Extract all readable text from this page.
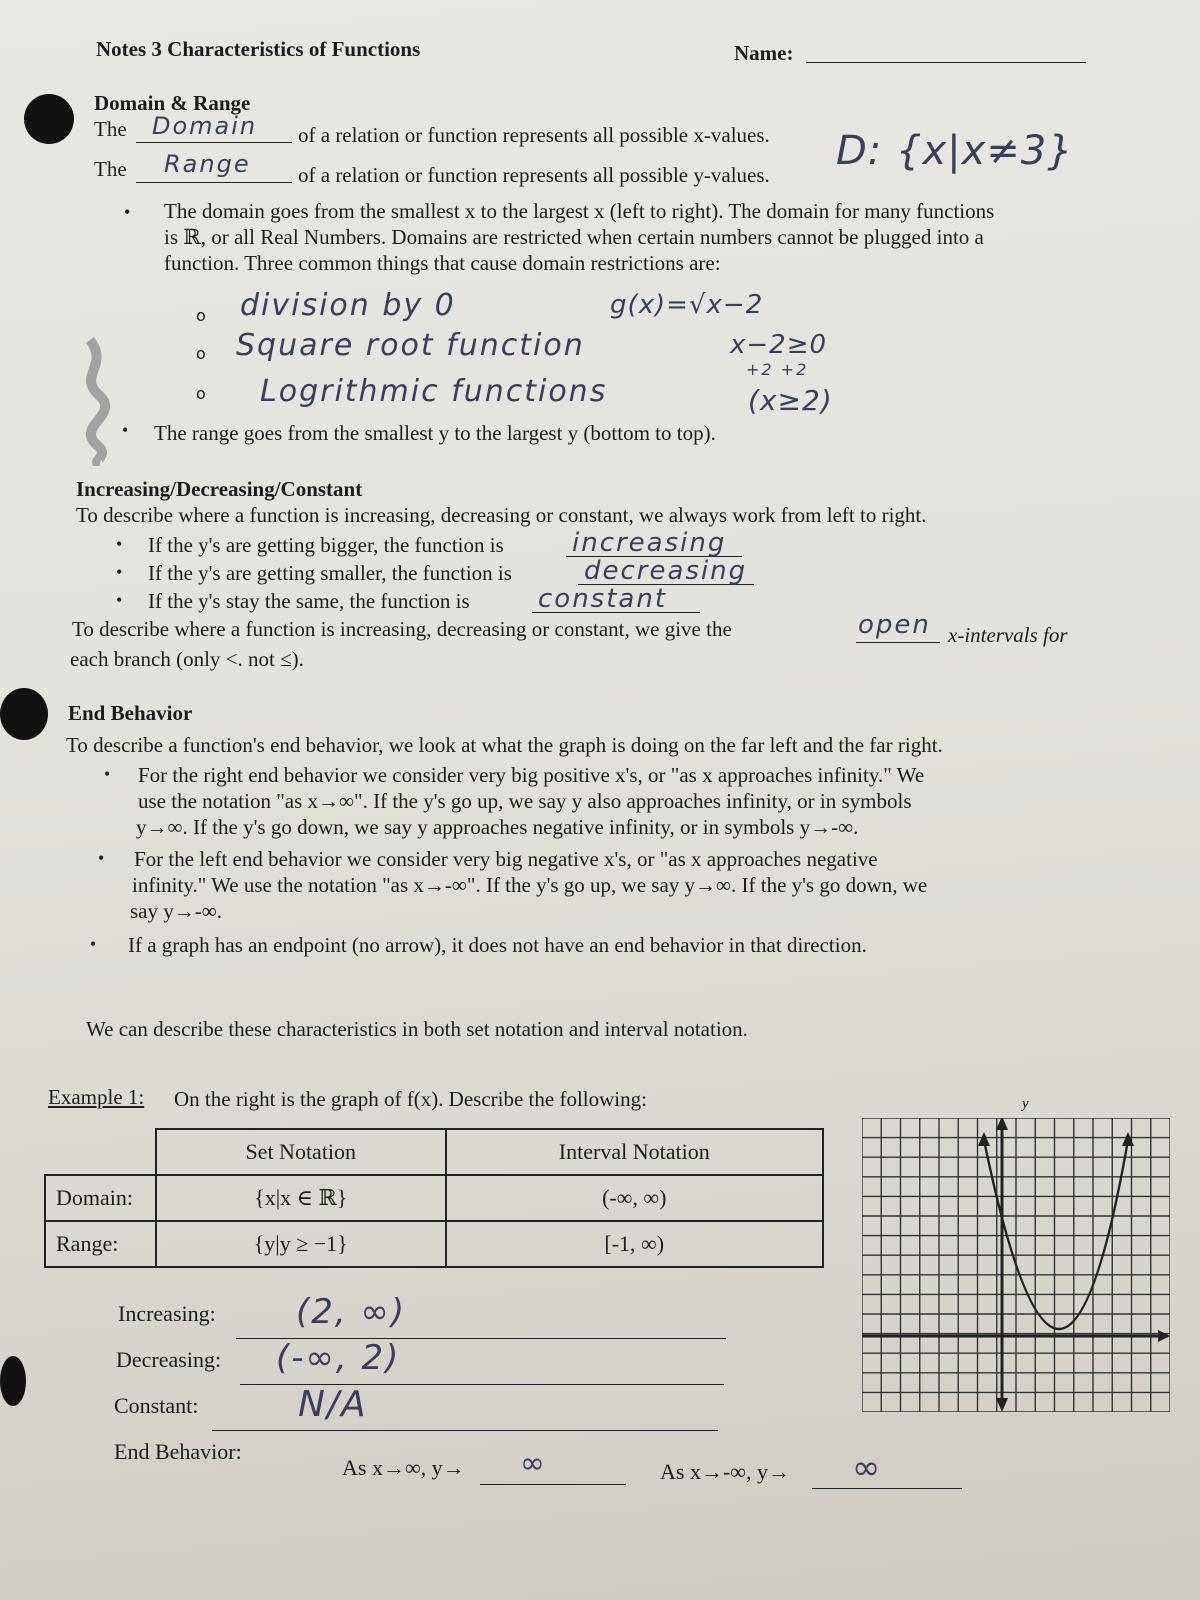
Notes 3 Characteristics of Functions	Name:
Domain & Range
The Domain of a relation or function represents all possible x-values.
The Range of a relation or function represents all possible y-values.
D: {x|x≠3}
• The domain goes from the smallest x to the largest x (left to right). The domain for many functions
is ℝ, or all Real Numbers. Domains are restricted when certain numbers cannot be plugged into a
function. Three common things that cause domain restrictions are:
o division by 0
o Square root function
o Logrithmic functions
g(x)=√x−2
x−2≥0
+2 +2
(x≥2)
• The range goes from the smallest y to the largest y (bottom to top).
Increasing/Decreasing/Constant
To describe where a function is increasing, decreasing or constant, we always work from left to right.
• If the y's are getting bigger, the function is	increasing
• If the y's are getting smaller, the function is	decreasing
• If the y's stay the same, the function is	constant
To describe where a function is increasing, decreasing or constant, we give the	open x-intervals for
each branch (only <. not ≤).
End Behavior
To describe a function's end behavior, we look at what the graph is doing on the far left and the far right.
• For the right end behavior we consider very big positive x's, or "as x approaches infinity." We
use the notation "as x→∞". If the y's go up, we say y also approaches infinity, or in symbols
y→∞. If the y's go down, we say y approaches negative infinity, or in symbols y→-∞.
• For the left end behavior we consider very big negative x's, or "as x approaches negative
infinity." We use the notation "as x→-∞". If the y's go up, we say y→∞. If the y's go down, we
say y→-∞.
• If a graph has an endpoint (no arrow), it does not have an end behavior in that direction.
We can describe these characteristics in both set notation and interval notation.
Example 1: On the right is the graph of f(x). Describe the following:
	Set Notation	Interval Notation
Domain:	{x|x ∈ ℝ}	(-∞, ∞)
Range:	{y|y ≥ −1}	[-1, ∞)
Increasing: (2, ∞)
Decreasing: (-∞, 2)
Constant:	N/A
End Behavior:
As x→∞, y→ ∞	As x→-∞, y→ ∞
y
